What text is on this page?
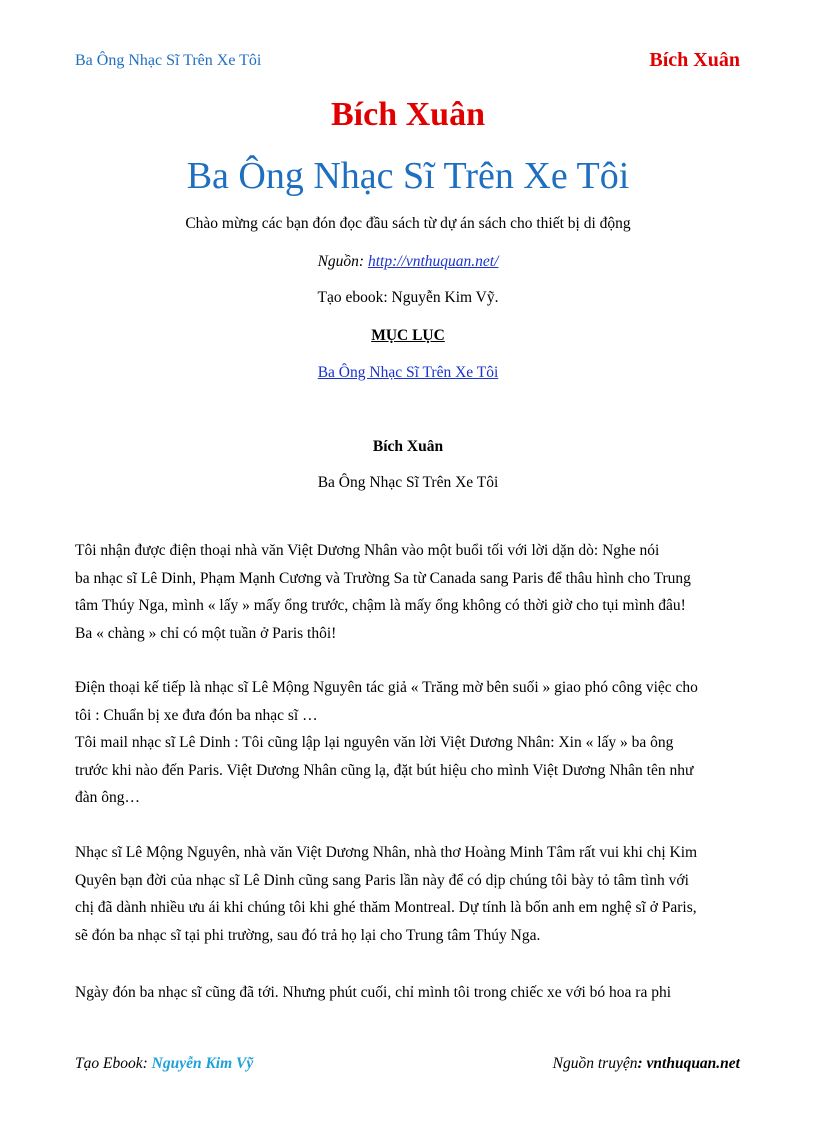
Ba Ông Nhạc Sĩ Trên Xe Tôi	Bích Xuân
Bích Xuân
Ba Ông Nhạc Sĩ Trên Xe Tôi
Chào mừng các bạn đón đọc đầu sách từ dự án sách cho thiết bị di động
Nguồn: http://vnthuquan.net/
Tạo ebook: Nguyễn Kim Vỹ.
MỤC LỤC
Ba Ông Nhạc Sĩ Trên Xe Tôi
Bích Xuân
Ba Ông Nhạc Sĩ Trên Xe Tôi

Tôi nhận được điện thoại nhà văn Việt Dương Nhân vào một buổi tối với lời dặn dò: Nghe nói

ba nhạc sĩ Lê Dinh, Phạm Mạnh Cương và Trường Sa từ Canada sang Paris để thâu hình cho Trung

tâm Thúy Nga, mình « lấy » mấy ổng trước, chậm là mấy ổng không có thời giờ cho tụi mình đâu!

Ba « chàng » chỉ có một tuần ở Paris thôi!

Điện thoại kế tiếp là nhạc sĩ Lê Mộng Nguyên tác giả « Trăng mờ bên suối » giao phó công việc cho

tôi : Chuẩn bị xe đưa đón ba nhạc sĩ …

Tôi mail nhạc sĩ Lê Dinh : Tôi cũng lập lại nguyên văn lời Việt Dương Nhân: Xin « lấy » ba ông

trước khi nào đến Paris. Việt Dương Nhân cũng lạ, đặt bút hiệu cho mình Việt Dương Nhân tên như

đàn ông…

Nhạc sĩ Lê Mộng Nguyên, nhà văn Việt Dương Nhân, nhà thơ Hoàng Minh Tâm rất vui khi chị Kim

Quyên bạn đời của nhạc sĩ Lê Dinh cũng sang Paris lần này để có dịp chúng tôi bày tỏ tâm tình với

chị đã dành nhiều ưu ái khi chúng tôi khi ghé thăm Montreal. Dự tính là bốn anh em nghệ sĩ ở Paris,

sẽ đón ba nhạc sĩ tại phi trường, sau đó trả họ lại cho Trung tâm Thúy Nga.

Ngày đón ba nhạc sĩ cũng đã tới. Nhưng phút cuối, chỉ mình tôi trong chiếc xe với bó hoa ra phi

Tạo Ebook: Nguyễn Kim Vỹ	Nguồn truyện: vnthuquan.net
